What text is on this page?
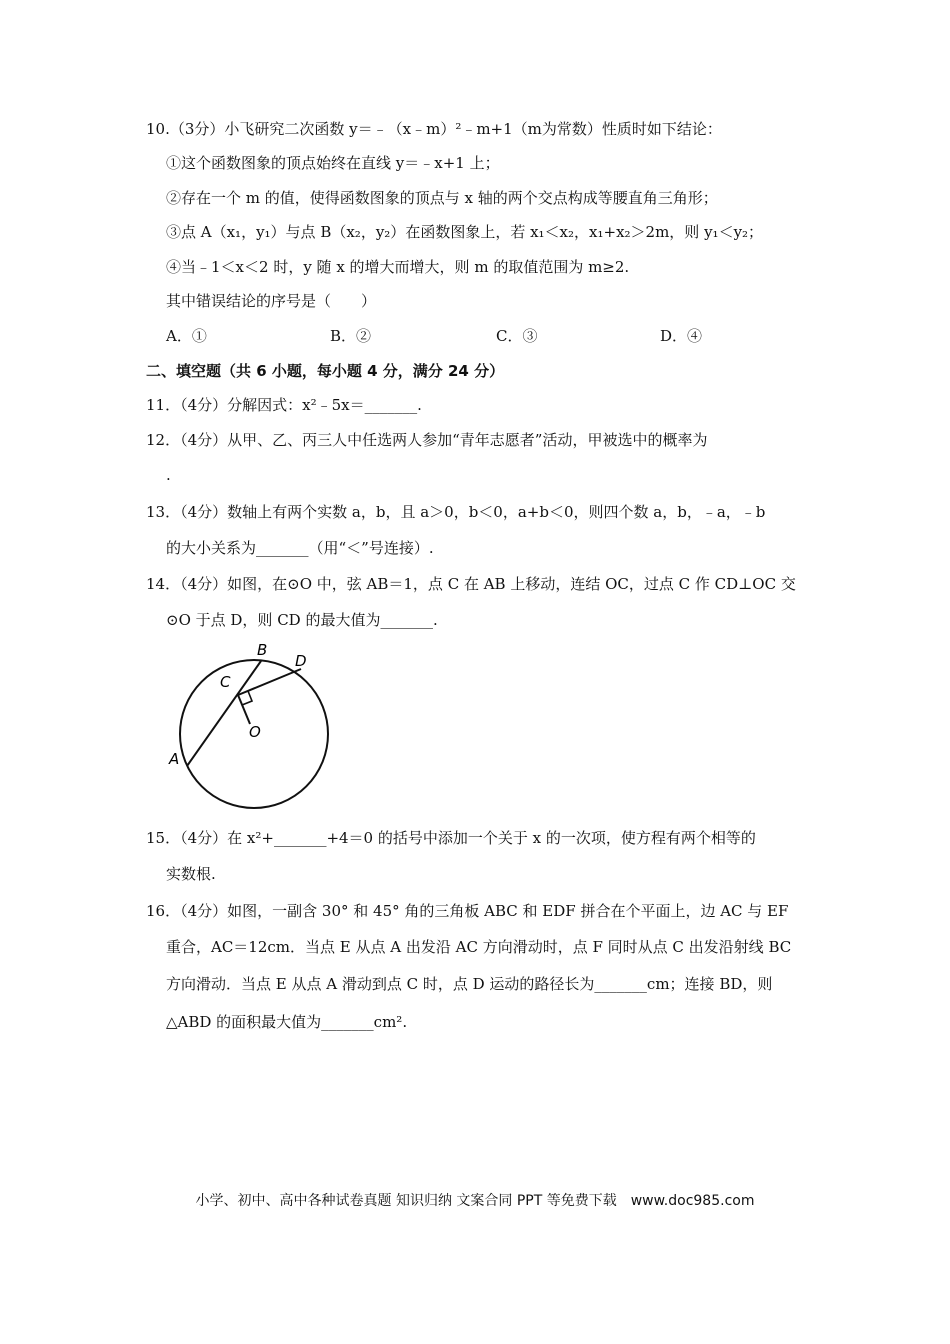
10.（3分）小飞研究二次函数 y＝﹣（x﹣m）²﹣m+1（m为常数）性质时如下结论：
①这个函数图象的顶点始终在直线 y＝﹣x+1 上；
②存在一个 m 的值，使得函数图象的顶点与 x 轴的两个交点构成等腰直角三角形；
③点 A（x₁，y₁）与点 B（x₂，y₂）在函数图象上，若 x₁＜x₂，x₁+x₂＞2m，则 y₁＜y₂；
④当﹣1＜x＜2 时，y 随 x 的增大而增大，则 m 的取值范围为 m≥2.
其中错误结论的序号是（　　）
A．①	B．②	C．③	D．④
二、填空题（共 6 小题，每小题 4 分，满分 24 分）
11．（4分）分解因式：x²﹣5x＝_______.
12．（4分）从甲、乙、丙三人中任选两人参加“青年志愿者”活动，甲被选中的概率为
.
13．（4分）数轴上有两个实数 a，b，且 a＞0，b＜0，a+b＜0，则四个数 a，b，﹣a，﹣b
的大小关系为_______（用“＜”号连接）.
14．（4分）如图，在⊙O 中，弦 AB＝1，点 C 在 AB 上移动，连结 OC，过点 C 作 CD⊥OC 交
⊙O 于点 D，则 CD 的最大值为_______.
B
D
C
O
A
15．（4分）在 x²+_______+4＝0 的括号中添加一个关于 x 的一次项，使方程有两个相等的
实数根.
16．（4分）如图，一副含 30° 和 45° 角的三角板 ABC 和 EDF 拼合在个平面上，边 AC 与 EF
重合，AC＝12cm．当点 E 从点 A 出发沿 AC 方向滑动时，点 F 同时从点 C 出发沿射线 BC
方向滑动．当点 E 从点 A 滑动到点 C 时，点 D 运动的路径长为_______cm；连接 BD，则
△ABD 的面积最大值为_______cm².
小学、初中、高中各种试卷真题 知识归纳 文案合同 PPT 等免费下载　www.doc985.com
